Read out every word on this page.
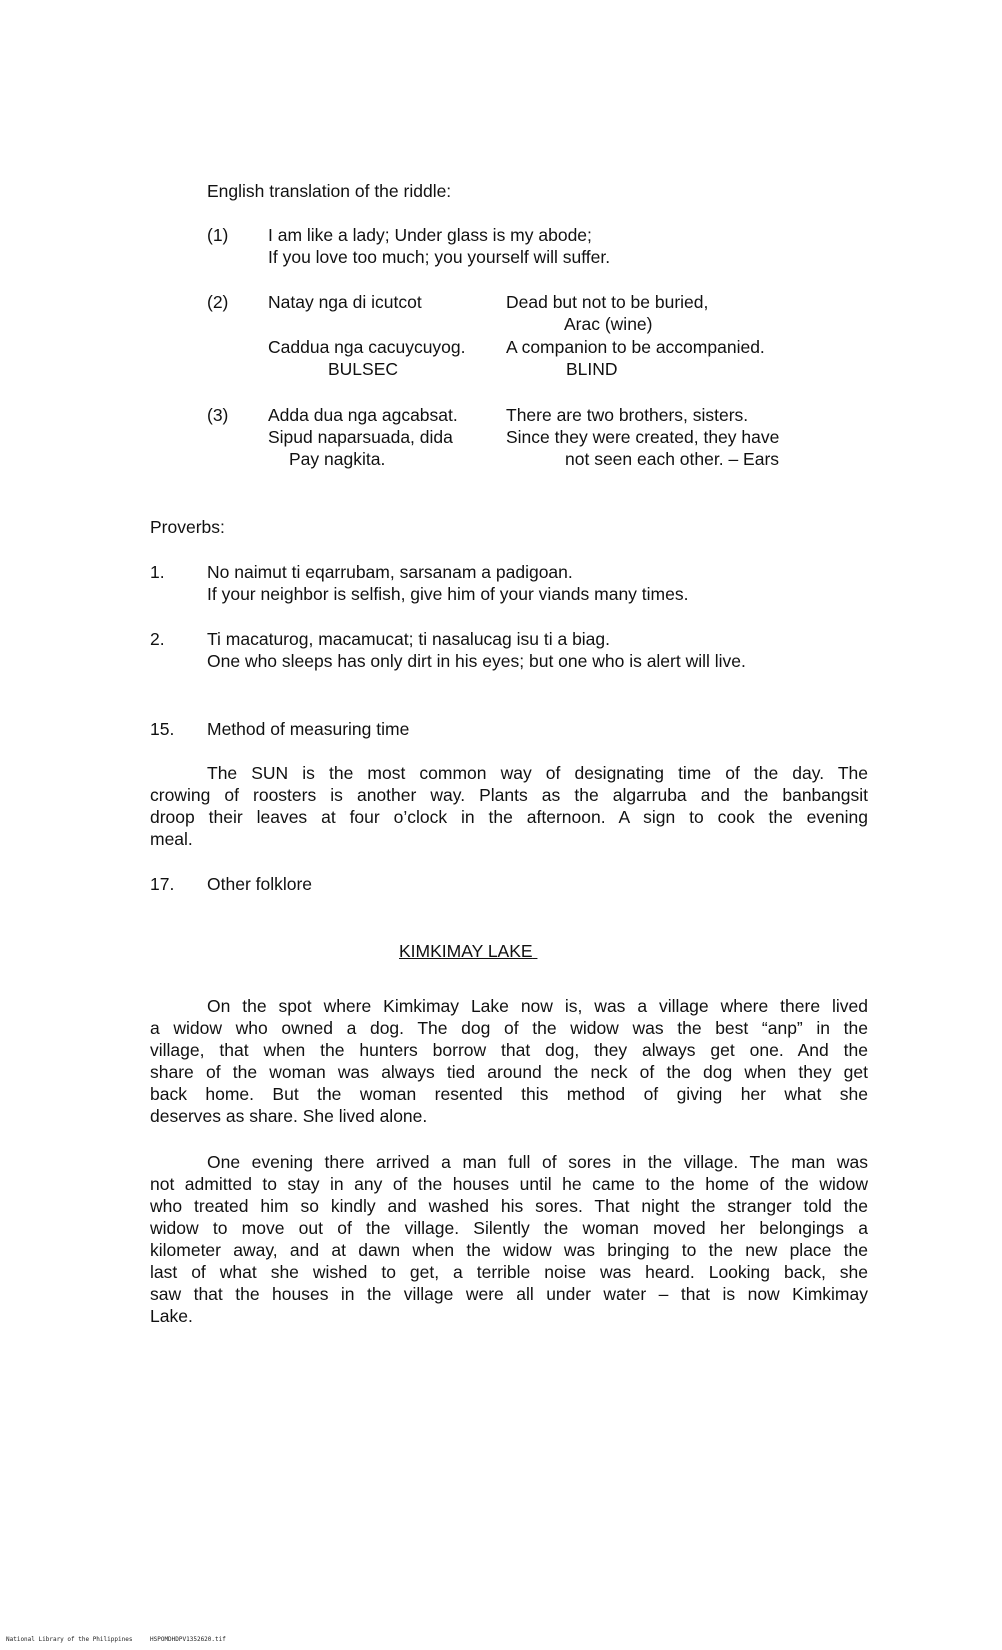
English translation of the riddle:
(1) I am like a lady; Under glass is my abode;
If you love too much; you yourself will suffer.
(2) Natay nga di icutcot	Dead but not to be buried,
Arac (wine)
Caddua nga cacuycuyog. A companion to be accompanied.
BULSEC	BLIND
(3) Adda dua nga agcabsat.	There are two brothers, sisters.
Sipud naparsuada, dida	Since they were created, they have
Pay nagkita.	not seen each other. – Ears
Proverbs:
1. No naimut ti eqarrubam, sarsanam a padigoan.
If your neighbor is selfish, give him of your viands many times.
2. Ti macaturog, macamucat; ti nasalucag isu ti a biag.
One who sleeps has only dirt in his eyes; but one who is alert will live.
15. Method of measuring time
The SUN is the most common way of designating time of the day. The
crowing of roosters is another way. Plants as the algarruba and the banbangsit
droop their leaves at four o’clock in the afternoon. A sign to cook the evening
meal.
17. Other folklore
KIMKIMAY LAKE
On the spot where Kimkimay Lake now is, was a village where there lived
a widow who owned a dog. The dog of the widow was the best “anp” in the
village, that when the hunters borrow that dog, they always get one. And the
share of the woman was always tied around the neck of the dog when they get
back home. But the woman resented this method of giving her what she
deserves as share. She lived alone.
One evening there arrived a man full of sores in the village. The man was
not admitted to stay in any of the houses until he came to the home of the widow
who treated him so kindly and washed his sores. That night the stranger told the
widow to move out of the village. Silently the woman moved her belongings a
kilometer away, and at dawn when the widow was bringing to the new place the
last of what she wished to get, a terrible noise was heard. Looking back, she
saw that the houses in the village were all under water – that is now Kimkimay
Lake.
National Library of the Philippines	HSPOMDHDPV1352620.tif
